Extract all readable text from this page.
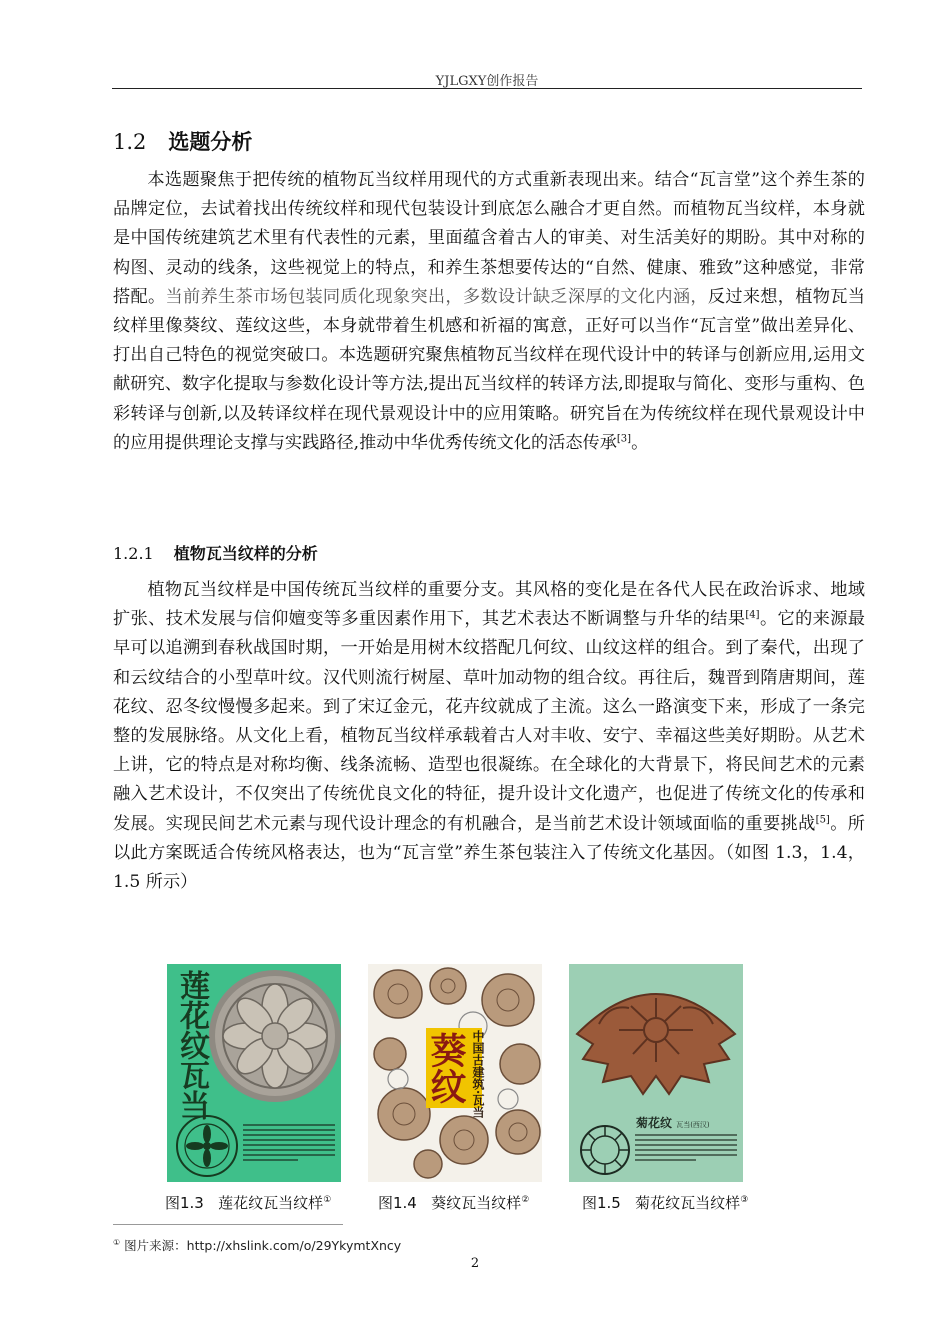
YJLGXY创作报告
1.2 选题分析

本选题聚焦于把传统的植物瓦当纹样用现代的方式重新表现出来。结合“瓦言堂”这个养生茶的品牌定位，去试着找出传统纹样和现代包装设计到底怎么融合才更自然。而植物瓦当纹样，本身就是中国传统建筑艺术里有代表性的元素，里面蕴含着古人的审美、对生活美好的期盼。其中对称的构图、灵动的线条，这些视觉上的特点，和养生茶想要传达的“自然、健康、雅致”这种感觉，非常搭配。当前养生茶市场包装同质化现象突出，多数设计缺乏深厚的文化内涵，反过来想，植物瓦当纹样里像葵纹、莲纹这些，本身就带着生机感和祈福的寓意，正好可以当作“瓦言堂”做出差异化、打出自己特色的视觉突破口。本选题研究聚焦植物瓦当纹样在现代设计中的转译与创新应用,运用文献研究、数字化提取与参数化设计等方法,提出瓦当纹样的转译方法,即提取与简化、变形与重构、色彩转译与创新,以及转译纹样在现代景观设计中的应用策略。研究旨在为传统纹样在现代景观设计中的应用提供理论支撑与实践路径,推动中华优秀传统文化的活态传承[3]。

1.2.1 植物瓦当纹样的分析

植物瓦当纹样是中国传统瓦当纹样的重要分支。其风格的变化是在各代人民在政治诉求、地域扩张、技术发展与信仰嬗变等多重因素作用下，其艺术表达不断调整与升华的结果[4]。它的来源最早可以追溯到春秋战国时期，一开始是用树木纹搭配几何纹、山纹这样的组合。到了秦代，出现了和云纹结合的小型草叶纹。汉代则流行树屋、草叶加动物的组合纹。再往后，魏晋到隋唐期间，莲花纹、忍冬纹慢慢多起来。到了宋辽金元，花卉纹就成了主流。这么一路演变下来，形成了一条完整的发展脉络。从文化上看，植物瓦当纹样承载着古人对丰收、安宁、幸福这些美好期盼。从艺术上讲，它的特点是对称均衡、线条流畅、造型也很凝练。在全球化的大背景下，将民间艺术的元素融入艺术设计，不仅突出了传统优良文化的特征，提升设计文化遗产，也促进了传统文化的传承和发展。实现民间艺术元素与现代设计理念的有机融合，是当前艺术设计领域面临的重要挑战[5]。所以此方案既适合传统风格表达，也为“瓦言堂”养生茶包装注入了传统文化基因。（如图 1.3，1.4，1.5 所示）

莲花纹瓦当	葵纹 中国古建筑·瓦当
菊花纹 瓦当(西汉)
图1.3 莲花纹瓦当纹样①	图1.4 葵纹瓦当纹样②	图1.5 菊花纹瓦当纹样③
① 图片来源：http://xhslink.com/o/29YkymtXncy
2
